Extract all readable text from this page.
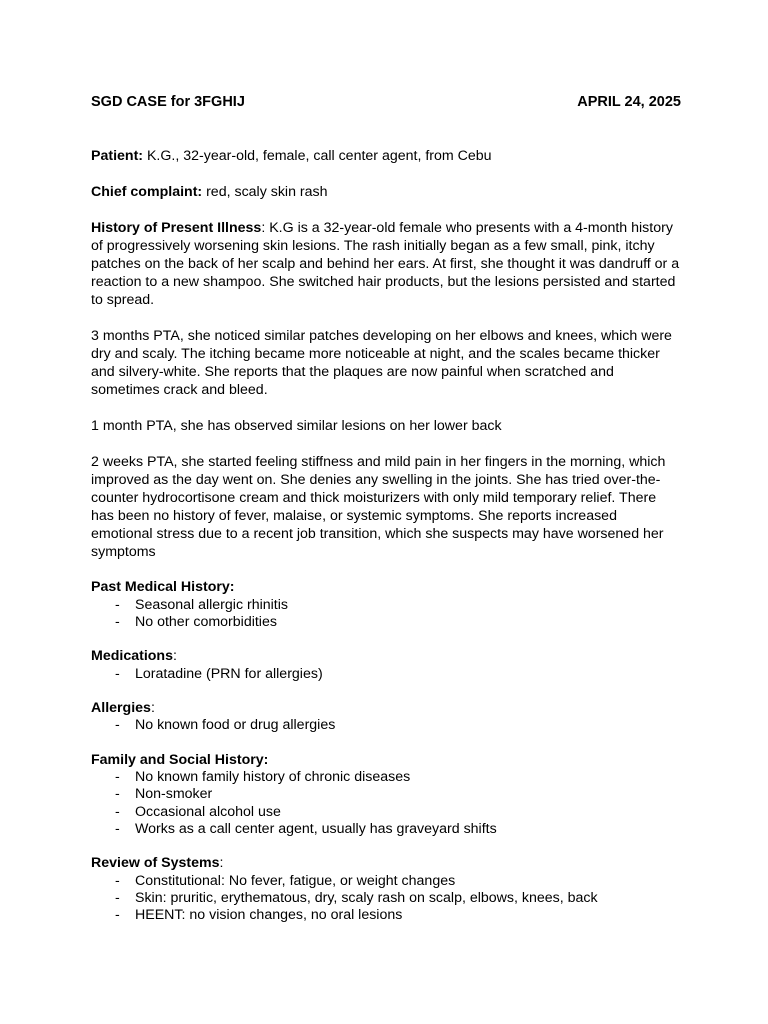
SGD CASE for 3FGHIJ	APRIL 24, 2025

Patient: K.G., 32-year-old, female, call center agent, from Cebu

Chief complaint: red, scaly skin rash

History of Present Illness: K.G is a 32-year-old female who presents with a 4-month history of progressively worsening skin lesions. The rash initially began as a few small, pink, itchy patches on the back of her scalp and behind her ears. At first, she thought it was dandruff or a reaction to a new shampoo. She switched hair products, but the lesions persisted and started to spread.

3 months PTA, she noticed similar patches developing on her elbows and knees, which were dry and scaly. The itching became more noticeable at night, and the scales became thicker and silvery-white. She reports that the plaques are now painful when scratched and sometimes crack and bleed.

1 month PTA, she has observed similar lesions on her lower back

2 weeks PTA, she started feeling stiffness and mild pain in her fingers in the morning, which improved as the day went on. She denies any swelling in the joints. She has tried over-the-counter hydrocortisone cream and thick moisturizers with only mild temporary relief. There has been no history of fever, malaise, or systemic symptoms. She reports increased emotional stress due to a recent job transition, which she suspects may have worsened her symptoms

Past Medical History:

- Seasonal allergic rhinitis
- No other comorbidities

Medications:

- Loratadine (PRN for allergies)

Allergies:

- No known food or drug allergies

Family and Social History:

- No known family history of chronic diseases
- Non-smoker
- Occasional alcohol use
- Works as a call center agent, usually has graveyard shifts

Review of Systems:

- Constitutional: No fever, fatigue, or weight changes
- Skin: pruritic, erythematous, dry, scaly rash on scalp, elbows, knees, back
- HEENT: no vision changes, no oral lesions
